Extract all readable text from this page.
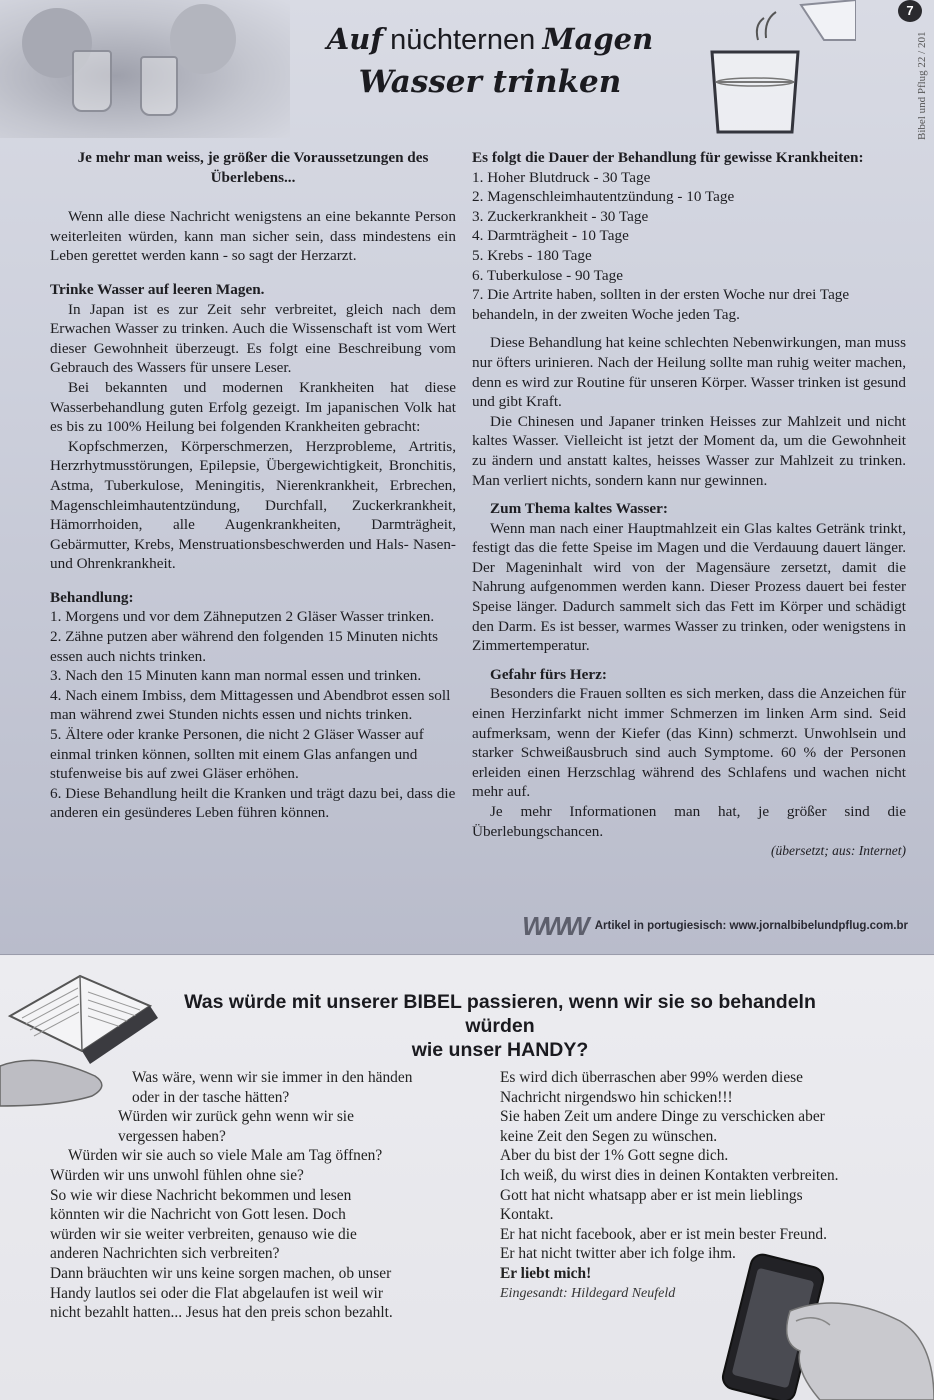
Auf nüchternen Magen
Wasser trinken
7
Bibel und Pflug 22 / 201

Je mehr man weiss, je größer die Voraussetzungen des Überlebens...

Wenn alle diese Nachricht wenigstens an eine bekannte Person weiterleiten würden, kann man sicher sein, dass mindestens ein Leben gerettet werden kann - so sagt der Herzarzt.

Trinke Wasser auf leeren Magen.

In Japan ist es zur Zeit sehr verbreitet, gleich nach dem Erwachen Wasser zu trinken. Auch die Wissenschaft ist vom Wert dieser Gewohnheit überzeugt. Es folgt eine Beschreibung vom Gebrauch des Wassers für unsere Leser.

Bei bekannten und modernen Krankheiten hat diese Wasserbehandlung guten Erfolg gezeigt. Im japanischen Volk hat es bis zu 100% Heilung bei folgenden Krankheiten gebracht:

Kopfschmerzen, Körperschmerzen, Herzprobleme, Artritis, Herzrhytmusstörungen, Epilepsie, Übergewichtigkeit, Bronchitis, Astma, Tuberkulose, Meningitis, Nierenkrankheit, Erbrechen, Magenschleimhautentzündung, Durchfall, Zuckerkrankheit, Hämorrhoiden, alle Augenkrankheiten, Darmträgheit, Gebärmutter, Krebs, Menstruationsbeschwerden und Hals- Nasen- und Ohrenkrankheit.

Behandlung:
1. Morgens und vor dem Zähneputzen 2 Gläser Wasser trinken.
2. Zähne putzen aber während den folgenden 15 Minuten nichts essen auch nichts trinken.
3. Nach den 15 Minuten kann man normal essen und trinken.
4. Nach einem Imbiss, dem Mittagessen und Abendbrot essen soll man während zwei Stunden nichts essen und nichts trinken.
5. Ältere oder kranke Personen, die nicht 2 Gläser Wasser auf einmal trinken können, sollten mit einem Glas anfangen und stufenweise bis auf zwei Gläser erhöhen.
6. Diese Behandlung heilt die Kranken und trägt dazu bei, dass die anderen ein gesünderes Leben führen können.
Es folgt die Dauer der Behandlung für gewisse Krankheiten:
1. Hoher Blutdruck - 30 Tage
2. Magenschleimhautentzündung - 10 Tage
3. Zuckerkrankheit - 30 Tage
4. Darmträgheit - 10 Tage
5. Krebs - 180 Tage
6. Tuberkulose - 90 Tage
7. Die Artrite haben, sollten in der ersten Woche nur drei Tage behandeln, in der zweiten Woche jeden Tag.

Diese Behandlung hat keine schlechten Nebenwirkungen, man muss nur öfters urinieren. Nach der Heilung sollte man ruhig weiter machen, denn es wird zur Routine für unseren Körper. Wasser trinken ist gesund und gibt Kraft.

Die Chinesen und Japaner trinken Heisses zur Mahlzeit und nicht kaltes Wasser. Vielleicht ist jetzt der Moment da, um die Gewohnheit zu ändern und anstatt kaltes, heisses Wasser zur Mahlzeit zu trinken. Man verliert nichts, sondern kann nur gewinnen.

Zum Thema kaltes Wasser:

Wenn man nach einer Hauptmahlzeit ein Glas kaltes Getränk trinkt, festigt das die fette Speise im Magen und die Verdauung dauert länger. Der Mageninhalt wird von der Magensäure zersetzt, damit die Nahrung aufgenommen werden kann. Dieser Prozess dauert bei fester Speise länger. Dadurch sammelt sich das Fett im Körper und schädigt den Darm. Es ist besser, warmes Wasser zu trinken, oder wenigstens in Zimmertemperatur.

Gefahr fürs Herz:

Besonders die Frauen sollten es sich merken, dass die Anzeichen für einen Herzinfarkt nicht immer Schmerzen im linken Arm sind. Seid aufmerksam, wenn der Kiefer (das Kinn) schmerzt. Unwohlsein und starker Schweißausbruch sind auch Symptome. 60 % der Personen erleiden einen Herzschlag während des Schlafens und wachen nicht mehr auf.

Je mehr Informationen man hat, je größer sind die Überlebungschancen.

(übersetzt; aus: Internet)

WWW Artikel in portugiesisch: www.jornalbibelundpflug.com.br
Was würde mit unserer BIBEL passieren, wenn wir sie so behandeln würden
wie unser HANDY?

Was wäre, wenn wir sie immer in den händen

oder in der tasche hätten?

Würden wir zurück gehn wenn wir sie

vergessen haben?

Würden wir sie auch so viele Male am Tag öffnen?

Würden wir uns unwohl fühlen ohne sie?

So wie wir diese Nachricht bekommen und lesen

könnten wir die Nachricht von Gott lesen. Doch

würden wir sie weiter verbreiten, genauso wie die

anderen Nachrichten sich verbreiten?

Dann bräuchten wir uns keine sorgen machen, ob unser

Handy lautlos sei oder die Flat abgelaufen ist weil wir

nicht bezahlt hatten... Jesus hat den preis schon bezahlt.

Es wird dich überraschen aber 99% werden diese

Nachricht nirgendswo hin schicken!!!

Sie haben Zeit um andere Dinge zu verschicken aber

keine Zeit den Segen zu wünschen.

Aber du bist der 1% Gott segne dich.

Ich weiß, du wirst dies in deinen Kontakten verbreiten.

Gott hat nicht whatsapp aber er ist mein lieblings

Kontakt.

Er hat nicht facebook, aber er ist mein bester Freund.

Er hat nicht twitter aber ich folge ihm.

Er liebt mich!

Eingesandt: Hildegard Neufeld
